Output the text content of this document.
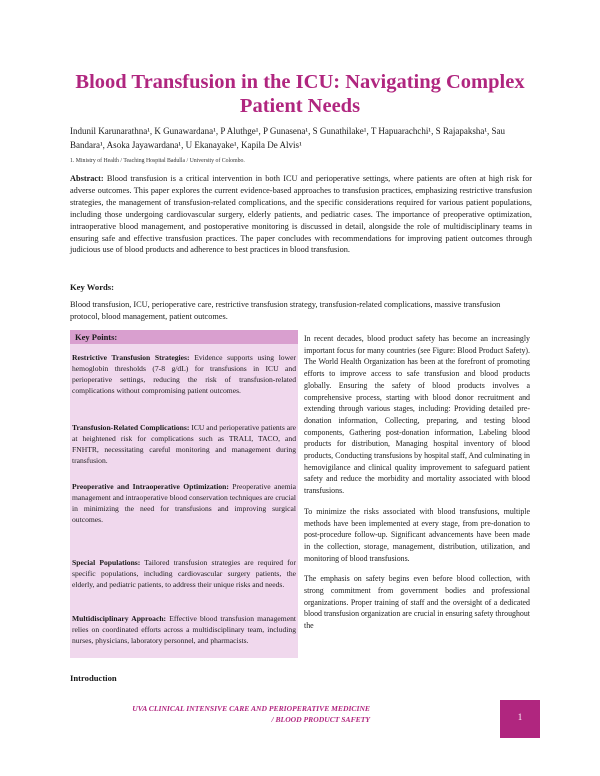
Blood Transfusion in the ICU: Navigating Complex Patient Needs
Indunil Karunarathna¹, K Gunawardana¹, P Aluthge¹, P Gunasena¹, S Gunathilake¹, T Hapuarachchi¹, S Rajapaksha¹, Sau Bandara¹, Asoka Jayawardana¹, U Ekanayake¹, Kapila De Alvis¹
1. Ministry of Health / Teaching Hospital Badulla / University of Colombo.

Abstract: Blood transfusion is a critical intervention in both ICU and perioperative settings, where patients are often at high risk for adverse outcomes. This paper explores the current evidence-based approaches to transfusion practices, emphasizing restrictive transfusion strategies, the management of transfusion-related complications, and the specific considerations required for various patient populations, including those undergoing cardiovascular surgery, elderly patients, and pediatric cases. The importance of preoperative optimization, intraoperative blood management, and postoperative monitoring is discussed in detail, alongside the role of multidisciplinary teams in ensuring safe and effective transfusion practices. The paper concludes with recommendations for improving patient outcomes through judicious use of blood products and adherence to best practices in blood transfusion.

Key Words:

Blood transfusion, ICU, perioperative care, restrictive transfusion strategy, transfusion-related complications, massive transfusion protocol, blood management, patient outcomes.

Key Points:

Restrictive Transfusion Strategies: Evidence supports using lower hemoglobin thresholds (7-8 g/dL) for transfusions in ICU and perioperative settings, reducing the risk of transfusion-related complications without compromising patient outcomes.

Transfusion-Related Complications: ICU and perioperative patients are at heightened risk for complications such as TRALI, TACO, and FNHTR, necessitating careful monitoring and management during transfusion.

Preoperative and Intraoperative Optimization: Preoperative anemia management and intraoperative blood conservation techniques are crucial in minimizing the need for transfusions and improving surgical outcomes.

Special Populations: Tailored transfusion strategies are required for specific populations, including cardiovascular surgery patients, the elderly, and pediatric patients, to address their unique risks and needs.

Multidisciplinary Approach: Effective blood transfusion management relies on coordinated efforts across a multidisciplinary team, including nurses, physicians, laboratory personnel, and pharmacists.

Introduction

In recent decades, blood product safety has become an increasingly important focus for many countries (see Figure: Blood Product Safety). The World Health Organization has been at the forefront of promoting efforts to improve access to safe transfusion and blood products globally. Ensuring the safety of blood products involves a comprehensive process, starting with blood donor recruitment and extending through various stages, including: Providing detailed pre-donation information, Collecting, preparing, and testing blood components, Gathering post-donation information, Labeling blood products for distribution, Managing hospital inventory of blood products, Conducting transfusions by hospital staff, And culminating in hemovigilance and clinical quality improvement to safeguard patient safety and reduce the morbidity and mortality associated with blood transfusions.

To minimize the risks associated with blood transfusions, multiple methods have been implemented at every stage, from pre-donation to post-procedure follow-up. Significant advancements have been made in the collection, storage, management, distribution, utilization, and monitoring of blood transfusions.

The emphasis on safety begins even before blood collection, with strong commitment from government bodies and professional organizations. Proper training of staff and the oversight of a dedicated blood transfusion organization are crucial in ensuring safety throughout the

UVA CLINICAL INTENSIVE CARE AND PERIOPERATIVE MEDICINE
/ BLOOD PRODUCT SAFETY	1
